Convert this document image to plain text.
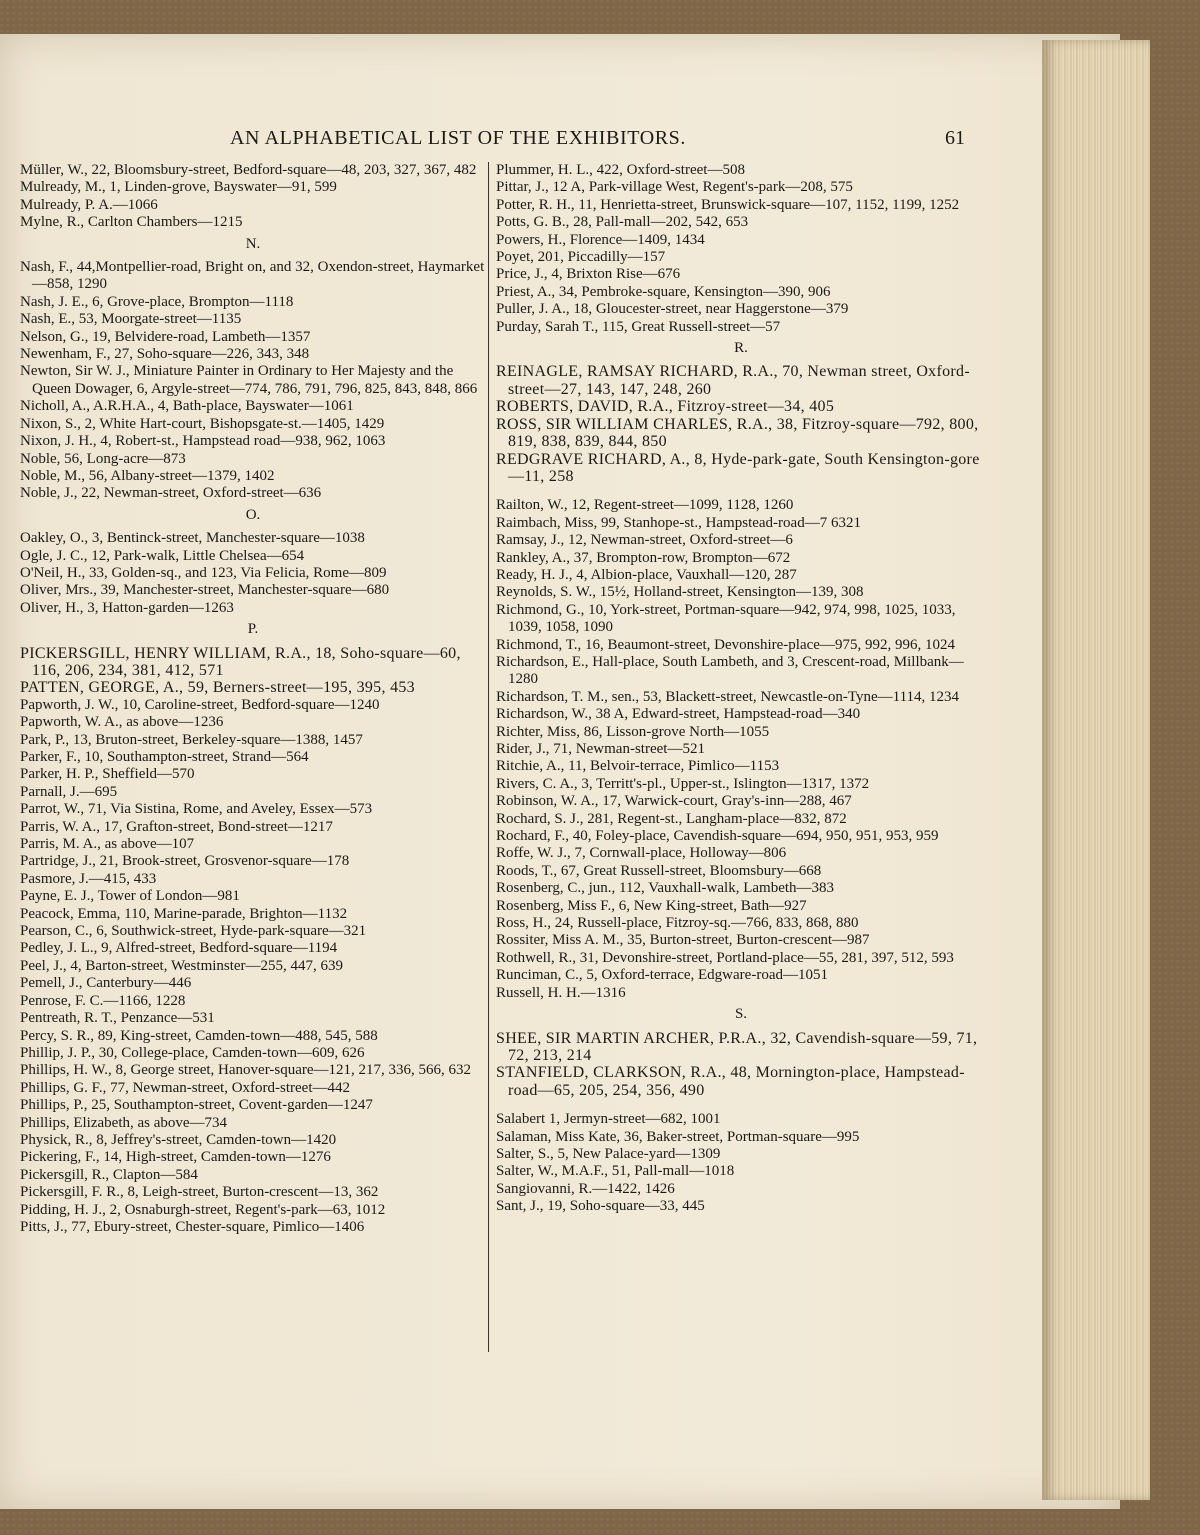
AN ALPHABETICAL LIST OF THE EXHIBITORS.	61
Müller, W., 22, Bloomsbury-street, Bedford-square—48, 203, 327, 367, 482
Mulready, M., 1, Linden-grove, Bayswater—91, 599
Mulready, P. A.—1066
Mylne, R., Carlton Chambers—1215
N.
Nash, F., 44,Montpellier-road, Bright on, and 32, Oxendon-street, Haymarket—858, 1290
Nash, J. E., 6, Grove-place, Brompton—1118
Nash, E., 53, Moorgate-street—1135
Nelson, G., 19, Belvidere-road, Lambeth—1357
Newenham, F., 27, Soho-square—226, 343, 348
Newton, Sir W. J., Miniature Painter in Ordinary to Her Majesty and the Queen Dowager, 6, Argyle-street—774, 786, 791, 796, 825, 843, 848, 866
Nicholl, A., A.R.H.A., 4, Bath-place, Bayswater—1061
Nixon, S., 2, White Hart-court, Bishopsgate-st.—1405, 1429
Nixon, J. H., 4, Robert-st., Hampstead road—938, 962, 1063
Noble, 56, Long-acre—873
Noble, M., 56, Albany-street—1379, 1402
Noble, J., 22, Newman-street, Oxford-street—636
O.
Oakley, O., 3, Bentinck-street, Manchester-square—1038
Ogle, J. C., 12, Park-walk, Little Chelsea—654
O'Neil, H., 33, Golden-sq., and 123, Via Felicia, Rome—809
Oliver, Mrs., 39, Manchester-street, Manchester-square—680
Oliver, H., 3, Hatton-garden—1263
P.
PICKERSGILL, HENRY WILLIAM, R.A., 18, Soho-square—60, 116, 206, 234, 381, 412, 571
PATTEN, GEORGE, A., 59, Berners-street—195, 395, 453
Papworth, J. W., 10, Caroline-street, Bedford-square—1240
Papworth, W. A., as above—1236
Park, P., 13, Bruton-street, Berkeley-square—1388, 1457
Parker, F., 10, Southampton-street, Strand—564
Parker, H. P., Sheffield—570
Parnall, J.—695
Parrot, W., 71, Via Sistina, Rome, and Aveley, Essex—573
Parris, W. A., 17, Grafton-street, Bond-street—1217
Parris, M. A., as above—107
Partridge, J., 21, Brook-street, Grosvenor-square—178
Pasmore, J.—415, 433
Payne, E. J., Tower of London—981
Peacock, Emma, 110, Marine-parade, Brighton—1132
Pearson, C., 6, Southwick-street, Hyde-park-square—321
Pedley, J. L., 9, Alfred-street, Bedford-square—1194
Peel, J., 4, Barton-street, Westminster—255, 447, 639
Pemell, J., Canterbury—446
Penrose, F. C.—1166, 1228
Pentreath, R. T., Penzance—531
Percy, S. R., 89, King-street, Camden-town—488, 545, 588
Phillip, J. P., 30, College-place, Camden-town—609, 626
Phillips, H. W., 8, George street, Hanover-square—121, 217, 336, 566, 632
Phillips, G. F., 77, Newman-street, Oxford-street—442
Phillips, P., 25, Southampton-street, Covent-garden—1247
Phillips, Elizabeth, as above—734
Physick, R., 8, Jeffrey's-street, Camden-town—1420
Pickering, F., 14, High-street, Camden-town—1276
Pickersgill, R., Clapton—584
Pickersgill, F. R., 8, Leigh-street, Burton-crescent—13, 362
Pidding, H. J., 2, Osnaburgh-street, Regent's-park—63, 1012
Pitts, J., 77, Ebury-street, Chester-square, Pimlico—1406
Plummer, H. L., 422, Oxford-street—508
Pittar, J., 12 A, Park-village West, Regent's-park—208, 575
Potter, R. H., 11, Henrietta-street, Brunswick-square—107, 1152, 1199, 1252
Potts, G. B., 28, Pall-mall—202, 542, 653
Powers, H., Florence—1409, 1434
Poyet, 201, Piccadilly—157
Price, J., 4, Brixton Rise—676
Priest, A., 34, Pembroke-square, Kensington—390, 906
Puller, J. A., 18, Gloucester-street, near Haggerstone—379
Purday, Sarah T., 115, Great Russell-street—57
R.
REINAGLE, RAMSAY RICHARD, R.A., 70, Newman street, Oxford-street—27, 143, 147, 248, 260
ROBERTS, DAVID, R.A., Fitzroy-street—34, 405
ROSS, SIR WILLIAM CHARLES, R.A., 38, Fitzroy-square—792, 800, 819, 838, 839, 844, 850
REDGRAVE RICHARD, A., 8, Hyde-park-gate, South Kensington-gore—11, 258
Railton, W., 12, Regent-street—1099, 1128, 1260
Raimbach, Miss, 99, Stanhope-st., Hampstead-road—7 6321
Ramsay, J., 12, Newman-street, Oxford-street—6
Rankley, A., 37, Brompton-row, Brompton—672
Ready, H. J., 4, Albion-place, Vauxhall—120, 287
Reynolds, S. W., 15½, Holland-street, Kensington—139, 308
Richmond, G., 10, York-street, Portman-square—942, 974, 998, 1025, 1033, 1039, 1058, 1090
Richmond, T., 16, Beaumont-street, Devonshire-place—975, 992, 996, 1024
Richardson, E., Hall-place, South Lambeth, and 3, Crescent-road, Millbank—1280
Richardson, T. M., sen., 53, Blackett-street, Newcastle-on-Tyne—1114, 1234
Richardson, W., 38 A, Edward-street, Hampstead-road—340
Richter, Miss, 86, Lisson-grove North—1055
Rider, J., 71, Newman-street—521
Ritchie, A., 11, Belvoir-terrace, Pimlico—1153
Rivers, C. A., 3, Territt's-pl., Upper-st., Islington—1317, 1372
Robinson, W. A., 17, Warwick-court, Gray's-inn—288, 467
Rochard, S. J., 281, Regent-st., Langham-place—832, 872
Rochard, F., 40, Foley-place, Cavendish-square—694, 950, 951, 953, 959
Roffe, W. J., 7, Cornwall-place, Holloway—806
Roods, T., 67, Great Russell-street, Bloomsbury—668
Rosenberg, C., jun., 112, Vauxhall-walk, Lambeth—383
Rosenberg, Miss F., 6, New King-street, Bath—927
Ross, H., 24, Russell-place, Fitzroy-sq.—766, 833, 868, 880
Rossiter, Miss A. M., 35, Burton-street, Burton-crescent—987
Rothwell, R., 31, Devonshire-street, Portland-place—55, 281, 397, 512, 593
Runciman, C., 5, Oxford-terrace, Edgware-road—1051
Russell, H. H.—1316
S.
SHEE, SIR MARTIN ARCHER, P.R.A., 32, Cavendish-square—59, 71, 72, 213, 214
STANFIELD, CLARKSON, R.A., 48, Mornington-place, Hampstead-road—65, 205, 254, 356, 490
Salabert 1, Jermyn-street—682, 1001
Salaman, Miss Kate, 36, Baker-street, Portman-square—995
Salter, S., 5, New Palace-yard—1309
Salter, W., M.A.F., 51, Pall-mall—1018
Sangiovanni, R.—1422, 1426
Sant, J., 19, Soho-square—33, 445
